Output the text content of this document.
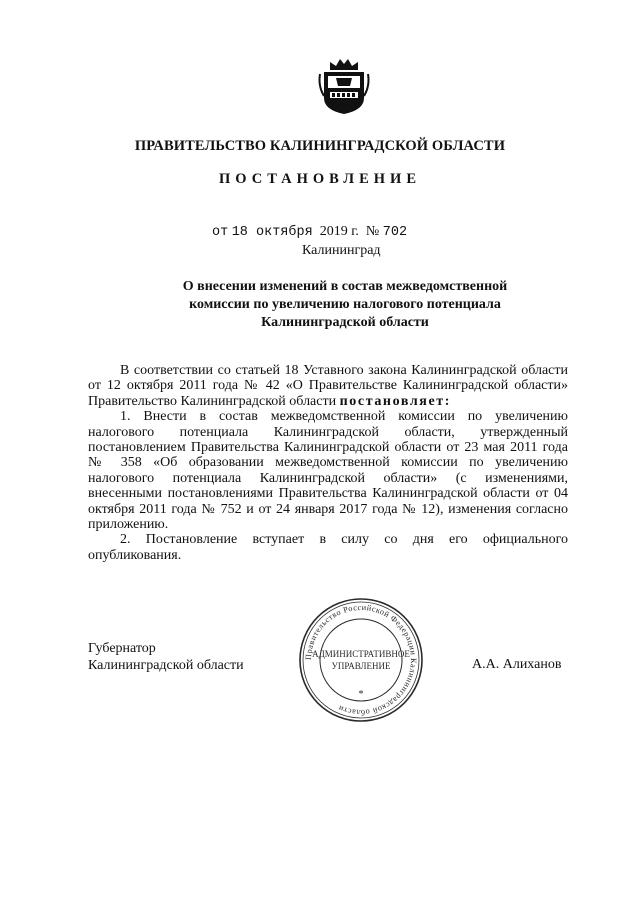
ПРАВИТЕЛЬСТВО КАЛИНИНГРАДСКОЙ ОБЛАСТИ
ПОСТАНОВЛЕНИЕ
от 18 октября 2019 г. № 702
Калининград
О внесении изменений в состав межведомственной
комиссии по увеличению налогового потенциала
Калининградской области

В соответствии со статьей 18 Уставного закона Калининградской области от 12 октября 2011 года № 42 «О Правительстве Калининградской области» Правительство Калининградской области постановляет:

1. Внести в состав межведомственной комиссии по увеличению налогового потенциала Калининградской области, утвержденный постановлением Правительства Калининградской области от 23 мая 2011 года № 358 «Об образовании межведомственной комиссии по увеличению налогового потенциала Калининградской области» (с изменениями, внесенными постановлениями Правительства Калининградской области от 04 октября 2011 года № 752 и от 24 января 2017 года № 12), изменения согласно приложению.

2. Постановление вступает в силу со дня его официального опубликования.

Губернатор
Калининградской области	А.А. Алиханов
Правительство Российской Федерации Калининградской области
АДМИНИСТРАТИВНОЕ
УПРАВЛЕНИЕ
*
